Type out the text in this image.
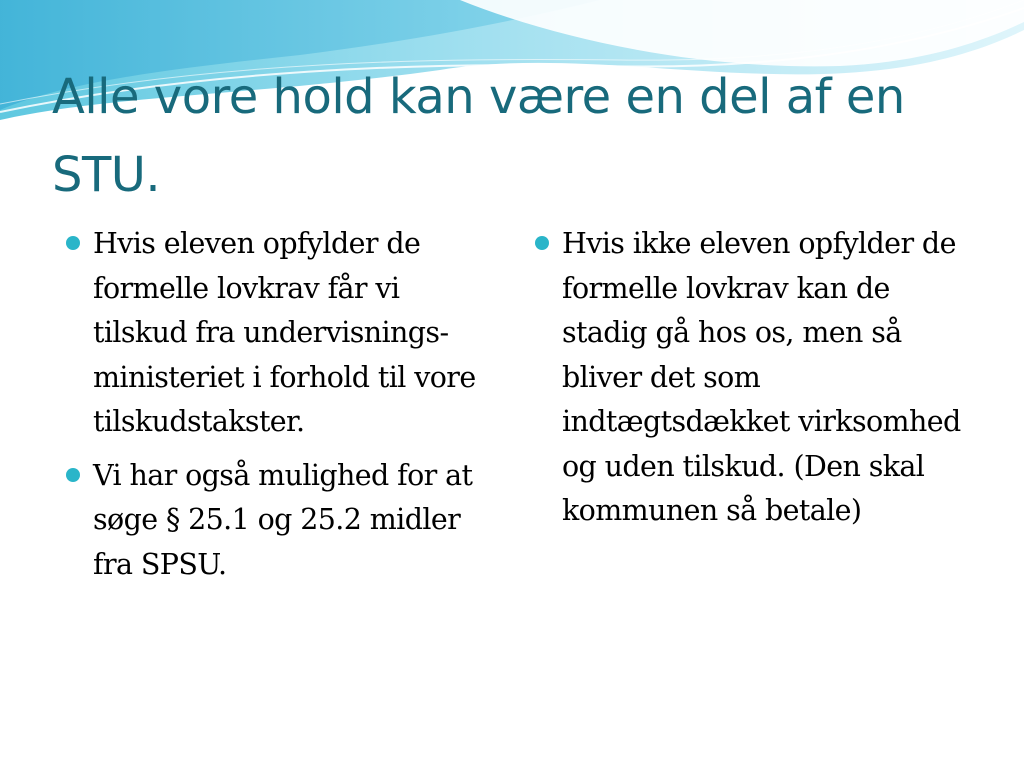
Alle vore hold kan være en del af en STU.
Hvis eleven opfylder de formelle lovkrav får vi tilskud fra undervisnings-ministeriet i forhold til vore tilskudstakster.
Vi har også mulighed for at søge § 25.1 og 25.2 midler fra SPSU.
Hvis ikke eleven opfylder de formelle lovkrav kan de stadig gå hos os, men så bliver det som indtægtsdækket virksomhed og uden tilskud. (Den skal kommunen så betale)
